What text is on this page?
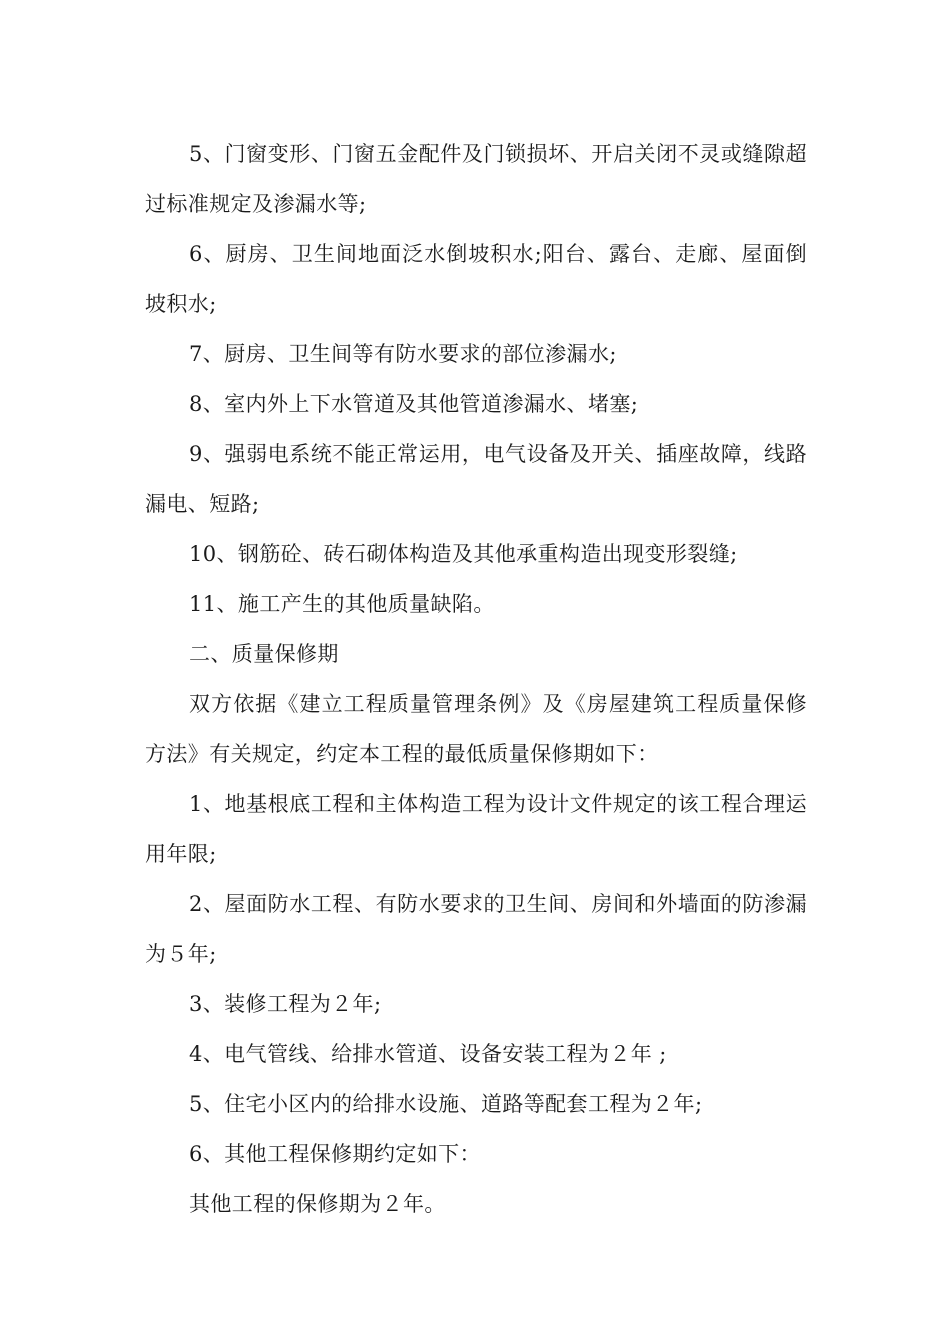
5、门窗变形、门窗五金配件及门锁损坏、开启关闭不灵或缝隙超过标准规定及渗漏水等;

6、厨房、卫生间地面泛水倒坡积水;阳台、露台、走廊、屋面倒坡积水;

7、厨房、卫生间等有防水要求的部位渗漏水;

8、室内外上下水管道及其他管道渗漏水、堵塞;

9、强弱电系统不能正常运用，电气设备及开关、插座故障，线路漏电、短路;

10、钢筋砼、砖石砌体构造及其他承重构造出现变形裂缝;

11、施工产生的其他质量缺陷。

二、质量保修期

双方依据《建立工程质量管理条例》及《房屋建筑工程质量保修方法》有关规定，约定本工程的最低质量保修期如下：

1、地基根底工程和主体构造工程为设计文件规定的该工程合理运用年限;

2、屋面防水工程、有防水要求的卫生间、房间和外墙面的防渗漏为５年;

3、装修工程为２年;

4、电气管线、给排水管道、设备安装工程为２年 ;

5、住宅小区内的给排水设施、道路等配套工程为２年;

6、其他工程保修期约定如下：

其他工程的保修期为２年。
